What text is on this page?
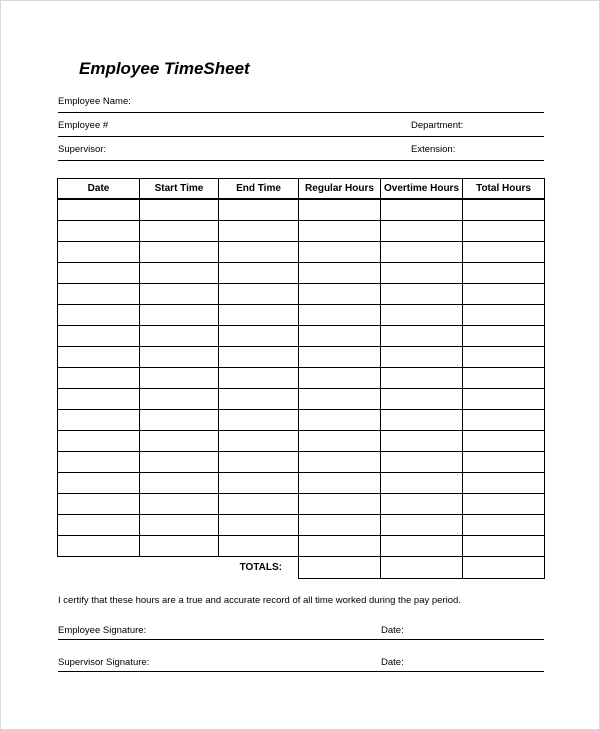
Employee TimeSheet
Employee Name:
Employee #	Department:
Supervisor:	Extension:
Date	Start Time	End Time	Regular Hours	Overtime Hours	Total Hours

		TOTALS:			
I certify that these hours are a true and accurate record of all time worked during the pay period.
Employee Signature:	Date:
Supervisor Signature:	Date:
